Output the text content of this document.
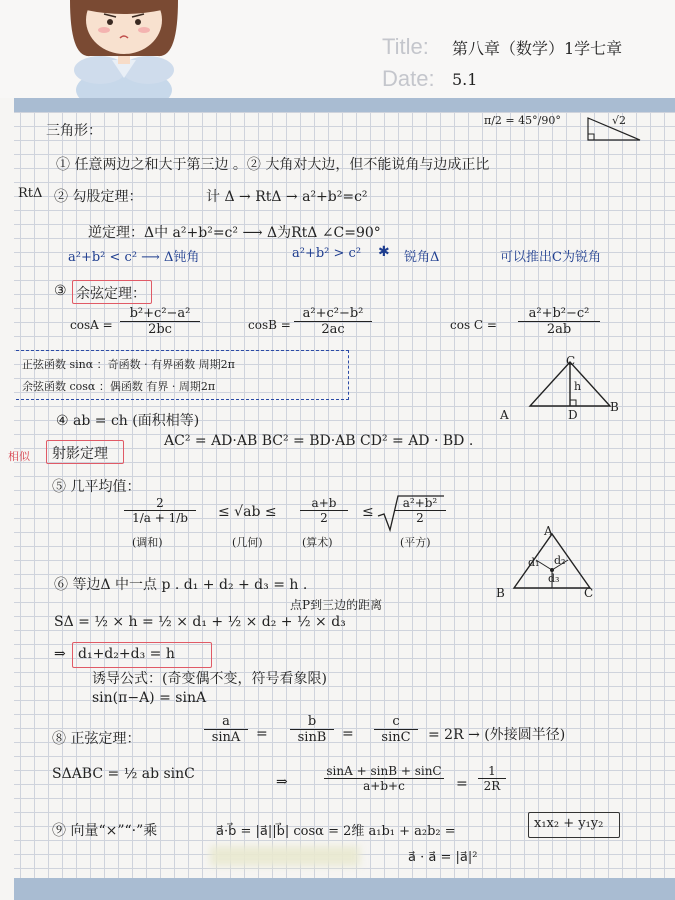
Title: 第八章（数学）1学七章
Date: 5.1
三角形：
π/2 = 45°/90°	√2
① 任意两边之和大于第三边 。② 大角对大边，但不能说角与边成正比
RtΔ ② 勾股定理：	计 Δ → RtΔ → a²+b²=c²
逆定理：Δ中 a²+b²=c² ⟶ Δ为RtΔ ∠C=90°
a²+b² < c² ⟶ Δ钝角	a²+b² > c² ✱ 锐角Δ	可以推出C为锐角
③ 余弦定理：
$\cos A = \frac{\text{b²+c²−a²}}{2bc}$	$\cos B = \frac{\text{a²+c²−b²}}{2ac}$	$\cos C = \frac{\text{a²+b²−c²}}{2ab}$
正弦函数 sinα ：奇函数 · 有界函数 周期2π
余弦函数 cosα ：偶函数 有界 · 周期2π
C
A
B
D
h
④ ab = ch (面积相等)
相似 射影定理
AC² = AD·AB BC² = BD·AB CD² = AD · BD .
⑤ 几平均值：
$\frac{2}{1/a + 1/b}$
(调和)
≤ √ab ≤
(几何)
$\frac{a+b}{2}$
(算术)
≤ $\frac{\text{a²+b²}}{2}$
(平方)
⑥ 等边Δ 中一点 p . d₁ + d₂ + d₃ = h .
点P到三边的距离
A
B	C
d₁ d₂
d₃
SΔ = ½ × h = ½ × d₁ + ½ × d₂ + ½ × d₃
⇒ d₁+d₂+d₃ = h
诱导公式：(奇变偶不变，符号看象限)
sin(π−A) = sinA
⑧ 正弦定理：	$\frac{a}{\sin A} = \frac{b}{\sin B} = \frac{c}{\sin C} = 2R$ → (外接圆半径)
SΔABC = ½ ab sinC	⇒	$\frac{\sin A + \sin B + \sin C}{a+b+c} = \frac{1}{2R}$
⑨ 向量“×”“·”乘	a⃗·b⃗ = |a⃗||b⃗| cosα = 2维 a₁b₁ + a₂b₂ =
x₁x₂ + y₁y₂
a⃗ · a⃗ = |a⃗|²
